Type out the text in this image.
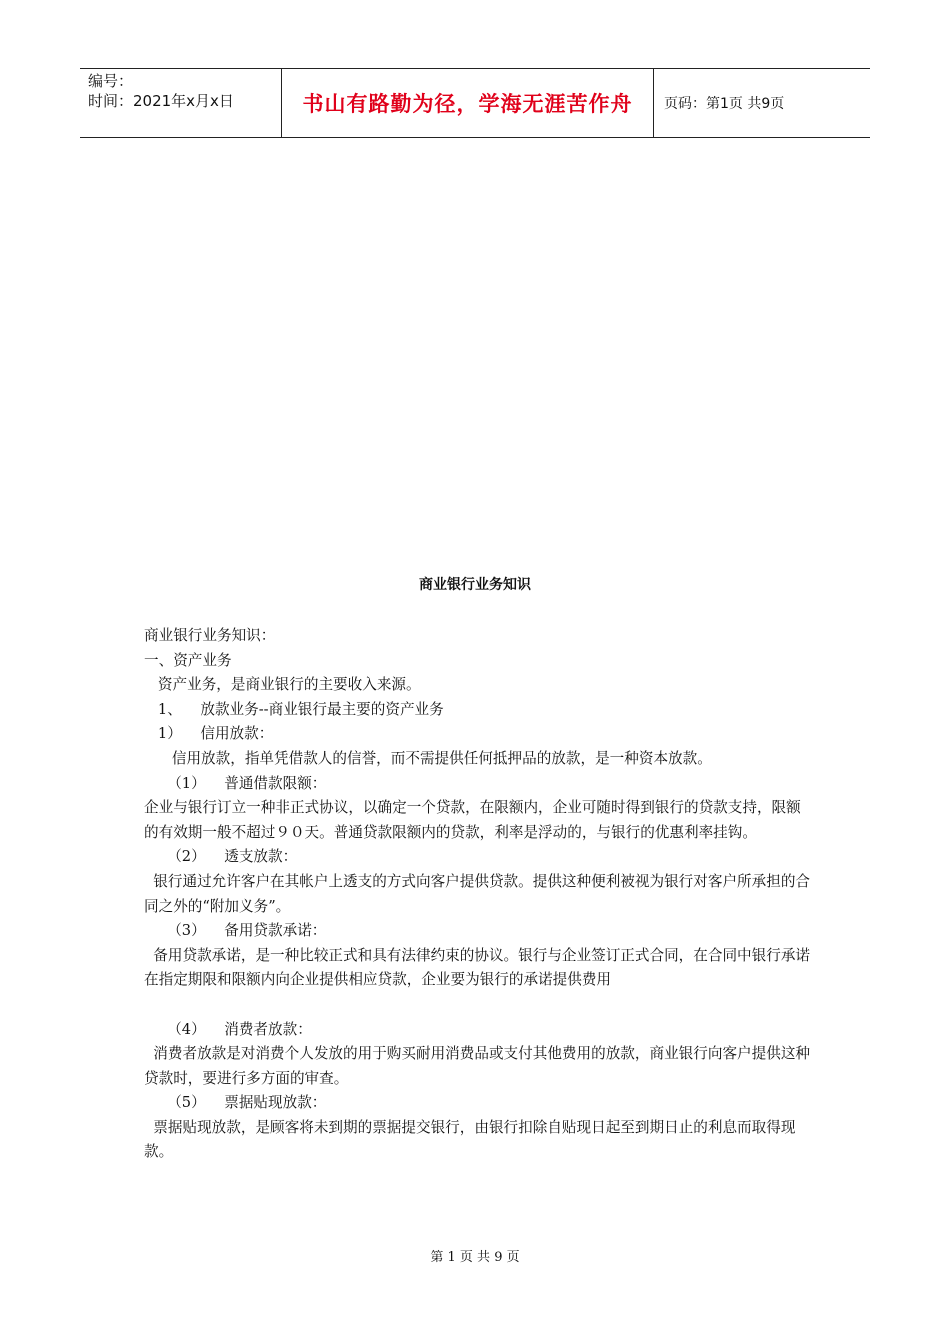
编号：
时间：2021年x月x日	书山有路勤为径，学海无涯苦作舟	页码：第1页 共9页
商业银行业务知识

商业银行业务知识：

一、资产业务

资产业务，是商业银行的主要收入来源。

1、    放款业务--商业银行最主要的资产业务

1）    信用放款：

信用放款，指单凭借款人的信誉，而不需提供任何抵押品的放款，是一种资本放款。

（1）    普通借款限额：

企业与银行订立一种非正式协议，以确定一个贷款，在限额内，企业可随时得到银行的贷款支持，限额的有效期一般不超过９０天。普通贷款限额内的贷款，利率是浮动的，与银行的优惠利率挂钩。

（2）    透支放款：

银行通过允许客户在其帐户上透支的方式向客户提供贷款。提供这种便利被视为银行对客户所承担的合同之外的“附加义务”。

（3）    备用贷款承诺：

备用贷款承诺，是一种比较正式和具有法律约束的协议。银行与企业签订正式合同，在合同中银行承诺在指定期限和限额内向企业提供相应贷款，企业要为银行的承诺提供费用

（4）    消费者放款：

消费者放款是对消费个人发放的用于购买耐用消费品或支付其他费用的放款，商业银行向客户提供这种贷款时，要进行多方面的审查。

（5）    票据贴现放款：

票据贴现放款，是顾客将未到期的票据提交银行，由银行扣除自贴现日起至到期日止的利息而取得现款。

第 1 页 共 9 页
